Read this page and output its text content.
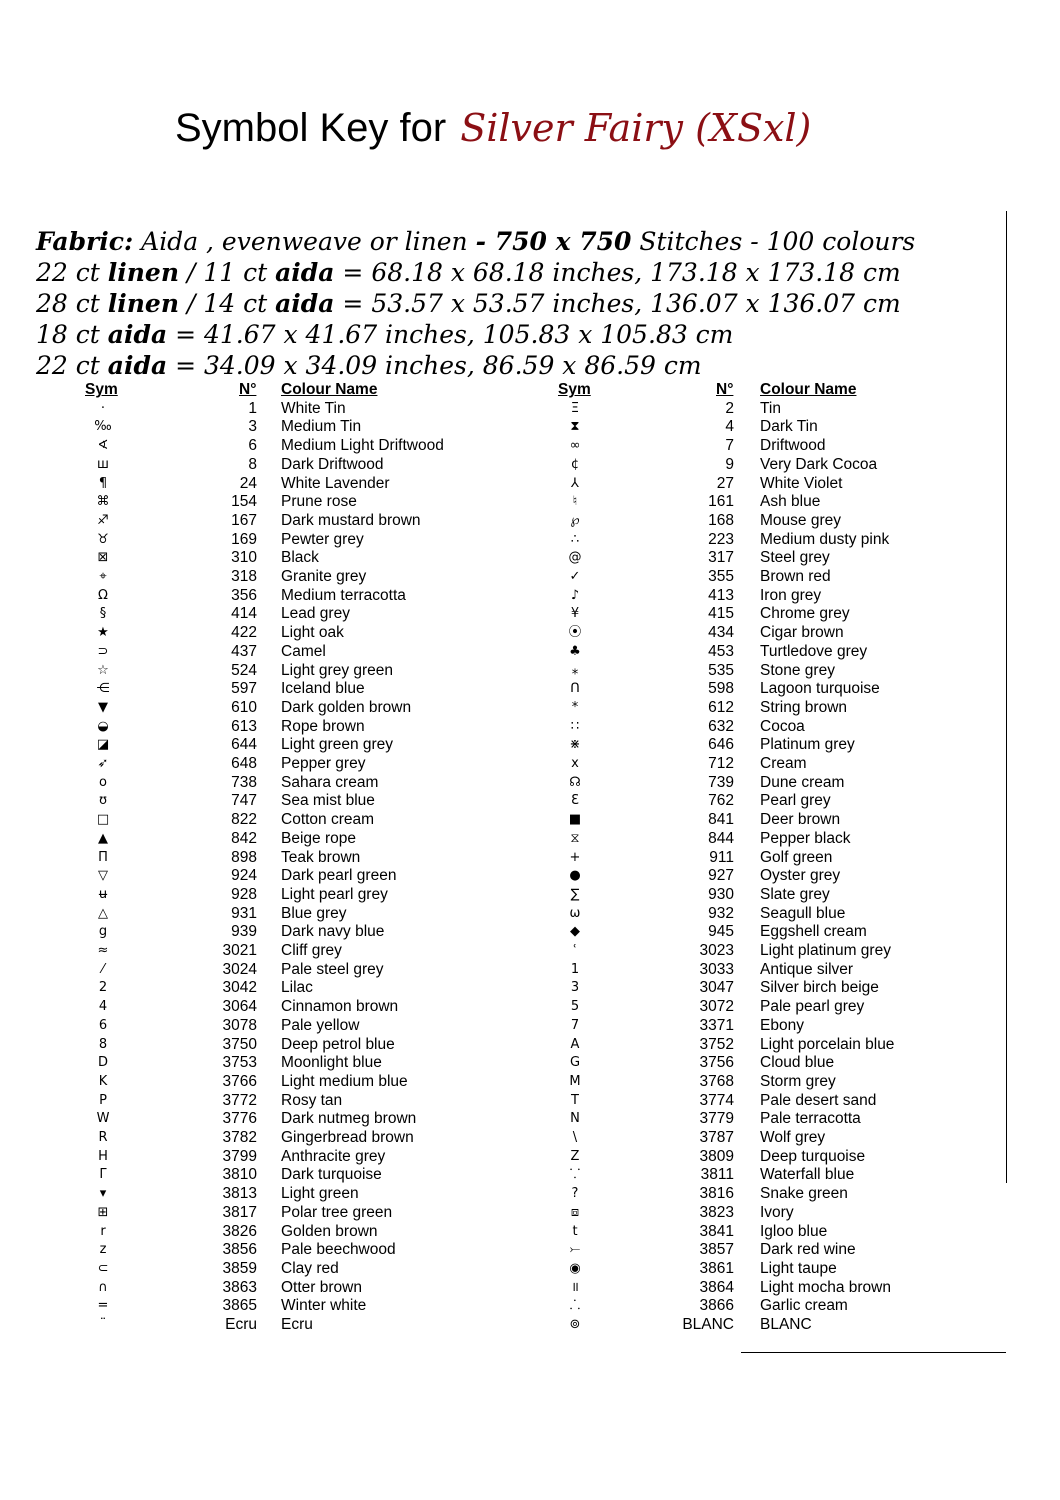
Symbol Key for Silver Fairy (XSxl)
Fabric: Aida , evenweave or linen - 750 x 750 Stitches - 100 colours
22 ct linen / 11 ct aida = 68.18 x 68.18 inches, 173.18 x 173.18 cm
28 ct linen / 14 ct aida = 53.57 x 53.57 inches, 136.07 x 136.07 cm
18 ct aida = 41.67 x 41.67 inches, 105.83 x 105.83 cm
22 ct aida = 34.09 x 34.09 inches, 86.59 x 86.59 cm
Sym	N° Colour Name
·	1 White Tin
‰	3 Medium Tin
∢	6 Medium Light Driftwood
ш	8 Dark Driftwood
¶	24 White Lavender
⌘	154 Prune rose
♐	167 Dark mustard brown
♉	169 Pewter grey
⊠	310 Black
⌖	318 Granite grey
Ω	356 Medium terracotta
§	414 Lead grey
★	422 Light oak
⊃	437 Camel
☆	524 Light grey green
⋲	597 Iceland blue
▼	610 Dark golden brown
◒	613 Rope brown
◪	644 Light green grey
➶	648 Pepper grey
o	738 Sahara cream
ʊ	747 Sea mist blue
□	822 Cotton cream
▲	842 Beige rope
Π	898 Teak brown
▽	924 Dark pearl green
ʉ	928 Light pearl grey
△	931 Blue grey
g	939 Dark navy blue
≈	3021 Cliff grey
⁄	3024 Pale steel grey
2	3042 Lilac
4	3064 Cinnamon brown
6	3078 Pale yellow
8	3750 Deep petrol blue
D	3753 Moonlight blue
K	3766 Light medium blue
P	3772 Rosy tan
W	3776 Dark nutmeg brown
R	3782 Gingerbread brown
H	3799 Anthracite grey
Γ	3810 Dark turquoise
▾	3813 Light green
⊞	3817 Polar tree green
r	3826 Golden brown
z	3856 Pale beechwood
⊂	3859 Clay red
∩	3863 Otter brown
=	3865 Winter white
¨	Ecru Ecru
Sym	N° Colour Name
Ξ	2 Tin
⧗	4 Dark Tin
∞	7 Driftwood
¢	9 Very Dark Cocoa
⅄	27 White Violet
♮	161 Ash blue
℘	168 Mouse grey
∴	223 Medium dusty pink
@	317 Steel grey
✓	355 Brown red
♪	413 Iron grey
¥	415 Chrome grey
⦿	434 Cigar brown
♣	453 Turtledove grey
⁎	535 Stone grey
ᑎ	598 Lagoon turquoise
*	612 String brown
∷	632 Cocoa
⋇	646 Platinum grey
x	712 Cream
☊	739 Dune cream
Ɛ	762 Pearl grey
■	841 Deer brown
⧖	844 Pepper black
+	911 Golf green
●	927 Oyster grey
∑	930 Slate grey
ω	932 Seagull blue
◆	945 Eggshell cream
ʿ	3023 Light platinum grey
1	3033 Antique silver
3	3047 Silver birch beige
5	3072 Pale pearl grey
7	3371 Ebony
A	3752 Light porcelain blue
G	3756 Cloud blue
M	3768 Storm grey
T	3774 Pale desert sand
N	3779 Pale terracotta
\	3787 Wolf grey
Z	3809 Deep turquoise
⸪	3811 Waterfall blue
?	3816 Snake green
⧈	3823 Ivory
t	3841 Igloo blue
⤚	3857 Dark red wine
◉	3861 Light taupe
॥	3864 Light mocha brown
⸫	3866 Garlic cream
⊚	BLANC BLANC
